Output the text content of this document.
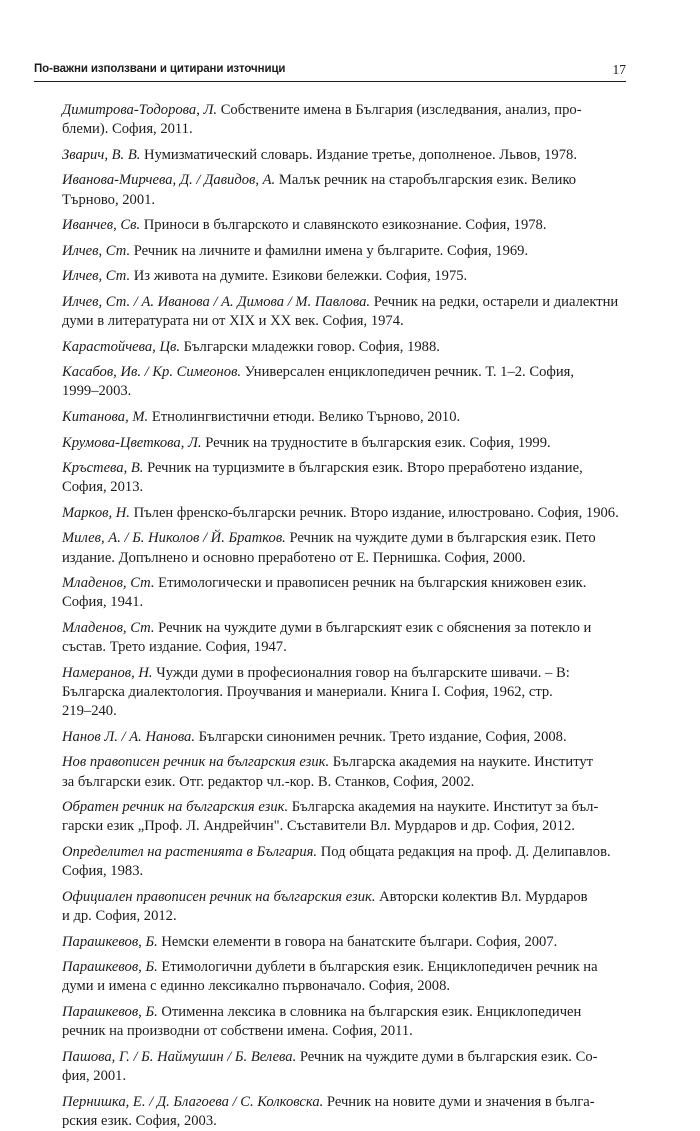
По-важни използвани и цитирани източници	17
Димитрова-Тодорова, Л. Собствените имена в България (изследвания, анализ, про-
блеми). София, 2011.
Зварич, В. В. Нумизматический словарь. Издание третье, дополненое. Львов, 1978.
Иванова-Мирчева, Д. / Давидов, А. Малък речник на старобългарския език. Велико
Търново, 2001.
Иванчев, Св. Приноси в българското и славянското езикознание. София, 1978.
Илчев, Ст. Речник на личните и фамилни имена у българите. София, 1969.
Илчев, Ст. Из живота на думите. Езикови бележки. София, 1975.
Илчев, Ст. / А. Иванова / А. Димова / М. Павлова. Речник на редки, остарели и диалектни
думи в литературата ни от XIX и XX век. София, 1974.
Карастойчева, Цв. Български младежки говор. София, 1988.
Касабов, Ив. / Кр. Симеонов. Универсален енциклопедичен речник. Т. 1–2. София,
1999–2003.
Китанова, М. Етнолингвистични етюди. Велико Търново, 2010.
Крумова-Цветкова, Л. Речник на трудностите в българския език. София, 1999.
Кръстева, В. Речник на турцизмите в българския език. Второ преработено издание,
София, 2013.
Марков, Н. Пълен френско-български речник. Второ издание, илюстровано. София, 1906.
Милев, А. / Б. Николов / Й. Братков. Речник на чуждите думи в българския език. Пето
издание. Допълнено и основно преработено от Е. Пернишка. София, 2000.
Младенов, Ст. Етимологически и правописен речник на българския книжовен език.
София, 1941.
Младенов, Ст. Речник на чуждите думи в българският език с обяснения за потекло и
състав. Трето издание. София, 1947.
Намеранов, Н. Чужди думи в професионалния говор на българските шивачи. – В:
Българска диалектология. Проучвания и манериали. Книга I. София, 1962, стр.
219–240.
Нанов Л. / А. Нанова. Български синонимен речник. Трето издание, София, 2008.
Нов правописен речник на българския език. Българска академия на науките. Институт
за български език. Отг. редактор чл.-кор. В. Станков, София, 2002.
Обратен речник на българския език. Българска академия на науките. Институт за бъл-
гарски език „Проф. Л. Андрейчин". Съставители Вл. Мурдаров и др. София, 2012.
Определител на растенията в България. Под общата редакция на проф. Д. Делипавлов.
София, 1983.
Официален правописен речник на българския език. Авторски колектив Вл. Мурдаров
и др. София, 2012.
Парашкевов, Б. Немски елементи в говора на банатските българи. София, 2007.
Парашкевов, Б. Етимологични дублети в българския език. Енциклопедичен речник на
думи и имена с единно лексикално първоначало. София, 2008.
Парашкевов, Б. Отименна лексика в словника на българския език. Енциклопедичен
речник на производни от собствени имена. София, 2011.
Пашова, Г. / Б. Наймушин / Б. Велева. Речник на чуждите думи в българския език. Со-
фия, 2001.
Пернишка, Е. / Д. Благоева / С. Колковска. Речник на новите думи и значения в бълга-
рския език. София, 2003.
